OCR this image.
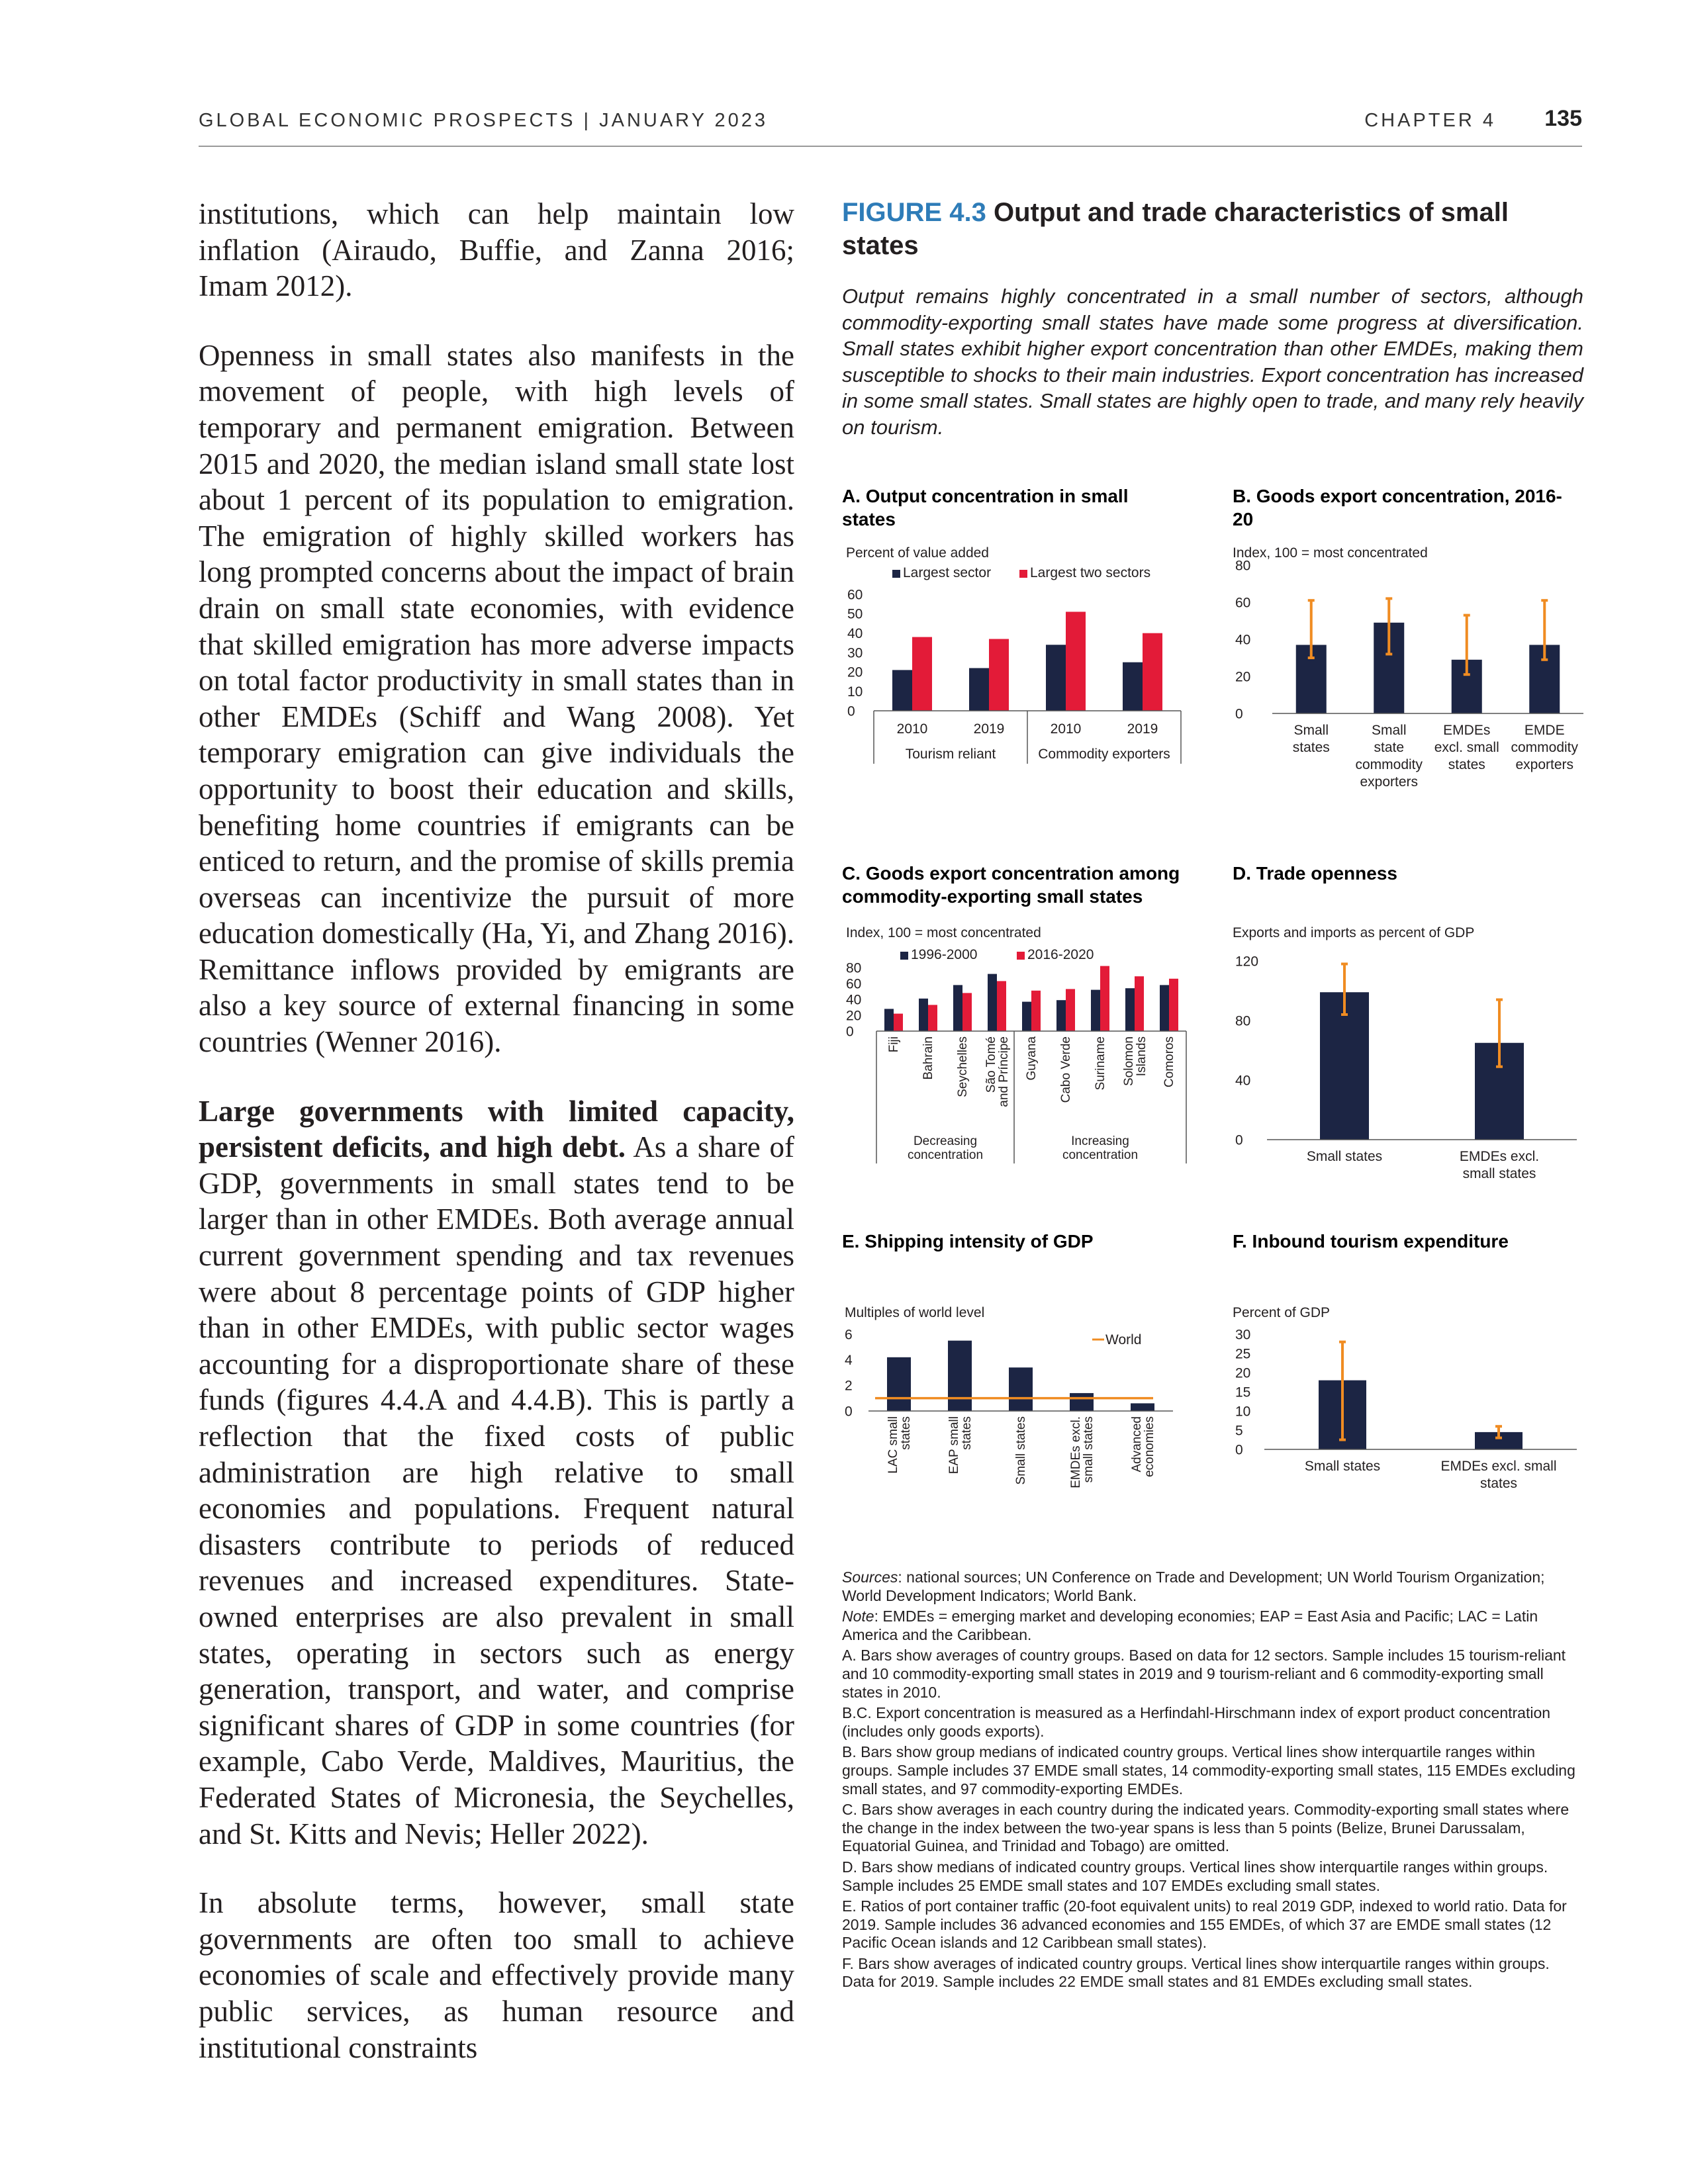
GLOBAL ECONOMIC PROSPECTS | JANUARY 2023	CHAPTER 4 135

institutions, which can help maintain low inflation (Airaudo, Buffie, and Zanna 2016; Imam 2012).

Openness in small states also manifests in the movement of people, with high levels of temporary and permanent emigration. Between 2015 and 2020, the median island small state lost about 1 percent of its population to emigration. The emigration of highly skilled workers has long prompted concerns about the impact of brain drain on small state economies, with evidence that skilled emigration has more adverse impacts on total factor productivity in small states than in other EMDEs (Schiff and Wang 2008). Yet temporary emigration can give individuals the opportunity to boost their education and skills, benefiting home countries if emigrants can be enticed to return, and the promise of skills premia overseas can incentivize the pursuit of more education domestically (Ha, Yi, and Zhang 2016). Remittance inflows provided by emigrants are also a key source of external financing in some countries (Wenner 2016).

Large governments with limited capacity, persistent deficits, and high debt. As a share of GDP, governments in small states tend to be larger than in other EMDEs. Both average annual current government spending and tax revenues were about 8 percentage points of GDP higher than in other EMDEs, with public sector wages accounting for a disproportionate share of these funds (figures 4.4.A and 4.4.B). This is partly a reflection that the fixed costs of public administration are high relative to small economies and populations. Frequent natural disasters contribute to periods of reduced revenues and increased expenditures. State-owned enterprises are also prevalent in small states, operating in sectors such as energy generation, transport, and water, and comprise significant shares of GDP in some countries (for example, Cabo Verde, Maldives, Mauritius, the Federated States of Micronesia, the Seychelles, and St. Kitts and Nevis; Heller 2022).

In absolute terms, however, small state governments are often too small to achieve economies of scale and effectively provide many public services, as human resource and institutional constraints

FIGURE 4.3 Output and trade characteristics of small states

Output remains highly concentrated in a small number of sectors, although commodity-exporting small states have made some progress at diversification. Small states exhibit higher export concentration than other EMDEs, making them susceptible to shocks to their main industries. Export concentration has increased in some small states. Small states are highly open to trade, and many rely heavily on tourism.
A. Output concentration in small states
Percent of value added
0
10
20
30
40
50
60
Largest sector	Largest two sectors
2010	2019	2010	2019
Tourism reliant	Commodity exporters
B. Goods export concentration, 2016-20
Index, 100 = most concentrated
0
20
40
60
80
Small states
Small state commodity exporters
EMDEs excl. small states
EMDE commodity exporters
C. Goods export concentration among commodity-exporting small states
Index, 100 = most concentrated
0
20
40
60
80
1996-2000	2016-2020
Fiji Bahrain Seychelles São Toméand Príncipe Guyana Cabo Verde Suriname SolomonIslands Comoros
Decreasing concentration
Increasing concentration
D. Trade openness
Exports and imports as percent of GDP
0
40
80
120
Small states	EMDEs excl. small states
E. Shipping intensity of GDP
Multiples of world level
0
2
4
6	World
LAC smallstates	EAP smallstates	Small states	EMDEs excl.small states	Advancedeconomies
F. Inbound tourism expenditure
Percent of GDP
0
5
10
15
20
25
30
Small states	EMDEs excl. small states

Sources: national sources; UN Conference on Trade and Development; UN World Tourism Organization; World Development Indicators; World Bank.

Note: EMDEs = emerging market and developing economies; EAP = East Asia and Pacific; LAC = Latin America and the Caribbean.

A. Bars show averages of country groups. Based on data for 12 sectors. Sample includes 15 tourism-reliant and 10 commodity-exporting small states in 2019 and 9 tourism-reliant and 6 commodity-exporting small states in 2010.

B.C. Export concentration is measured as a Herfindahl-Hirschmann index of export product concentration (includes only goods exports).

B. Bars show group medians of indicated country groups. Vertical lines show interquartile ranges within groups. Sample includes 37 EMDE small states, 14 commodity-exporting small states, 115 EMDEs excluding small states, and 97 commodity-exporting EMDEs.

C. Bars show averages in each country during the indicated years. Commodity-exporting small states where the change in the index between the two-year spans is less than 5 points (Belize, Brunei Darussalam, Equatorial Guinea, and Trinidad and Tobago) are omitted.

D. Bars show medians of indicated country groups. Vertical lines show interquartile ranges within groups. Sample includes 25 EMDE small states and 107 EMDEs excluding small states.

E. Ratios of port container traffic (20-foot equivalent units) to real 2019 GDP, indexed to world ratio. Data for 2019. Sample includes 36 advanced economies and 155 EMDEs, of which 37 are EMDE small states (12 Pacific Ocean islands and 12 Caribbean small states).

F. Bars show averages of indicated country groups. Vertical lines show interquartile ranges within groups. Data for 2019. Sample includes 22 EMDE small states and 81 EMDEs excluding small states.
